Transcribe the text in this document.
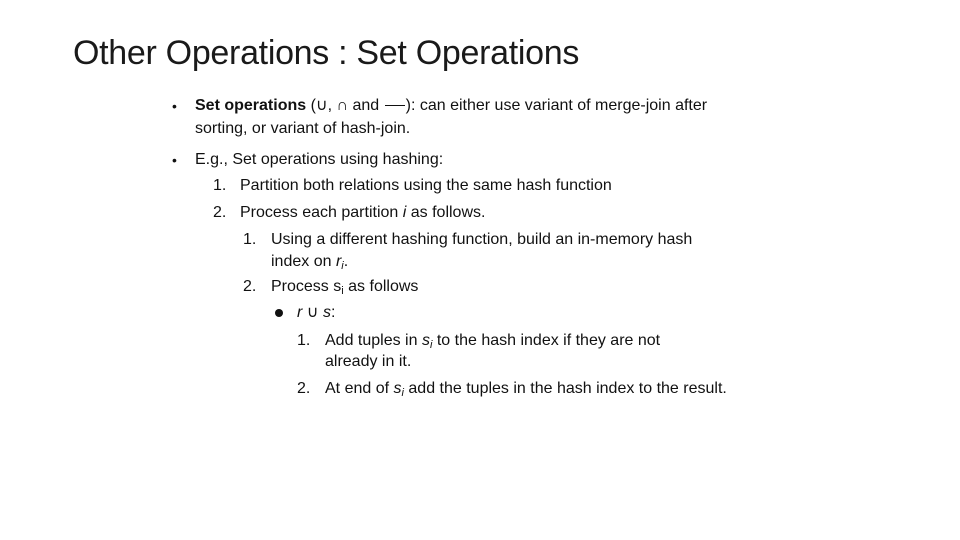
Other Operations : Set Operations
• Set operations (∪, ∩ and ): can either use variant of merge-join after
sorting, or variant of hash-join.
• E.g., Set operations using hashing:
1. Partition both relations using the same hash function
2. Process each partition i as follows.
1. Using a different hashing function, build an in-memory hash
index on $r_i$.
2. Process $s_i$ as follows
r ∪ s:
1. Add tuples in $s_i$ to the hash index if they are not
already in it.
2. At end of $s_i$ add the tuples in the hash index to the result.
